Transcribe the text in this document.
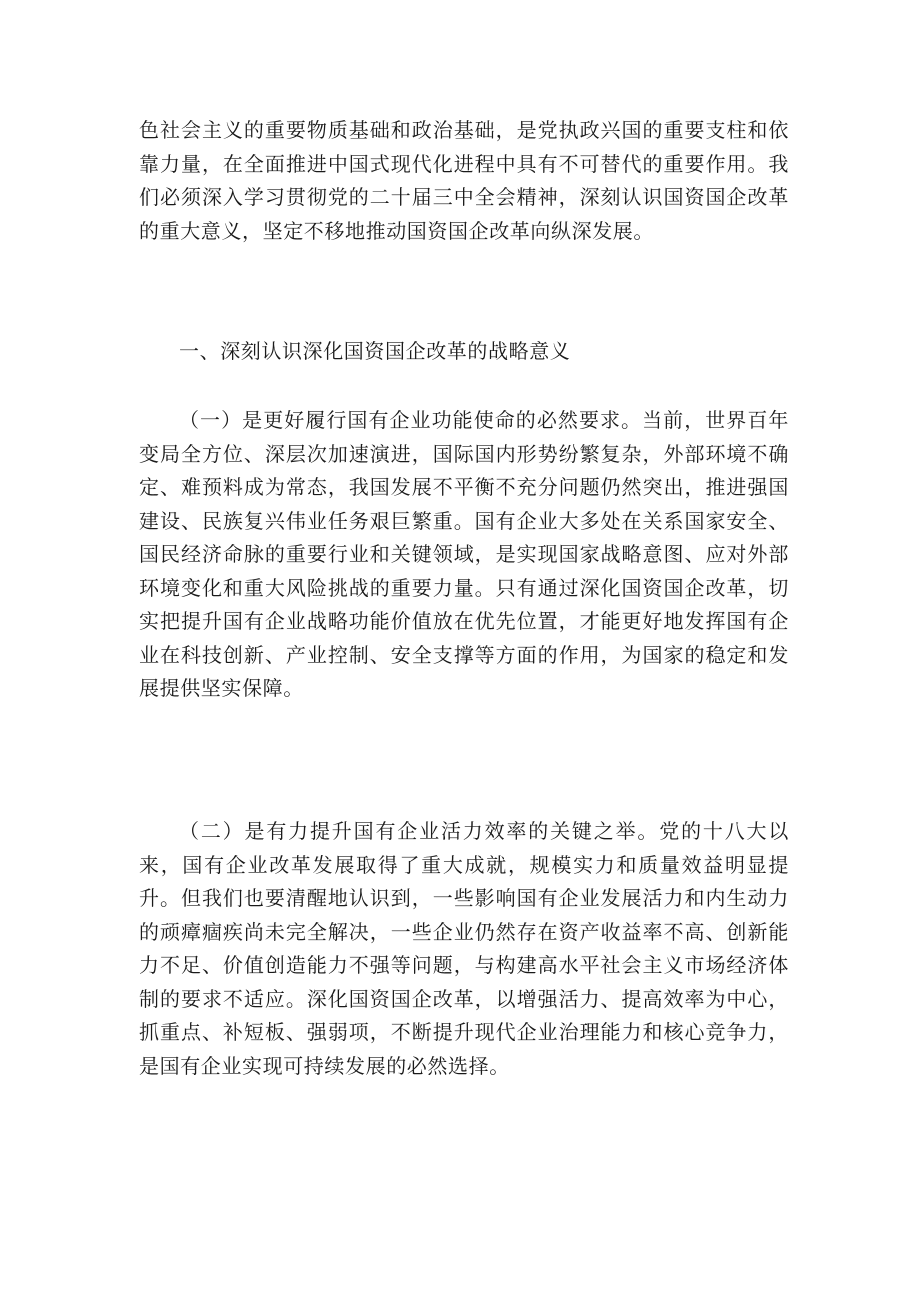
色社会主义的重要物质基础和政治基础，是党执政兴国的重要支柱和依靠力量，在全面推进中国式现代化进程中具有不可替代的重要作用。我们必须深入学习贯彻党的二十届三中全会精神，深刻认识国资国企改革的重大意义，坚定不移地推动国资国企改革向纵深发展。

一、深刻认识深化国资国企改革的战略意义

（一）是更好履行国有企业功能使命的必然要求。当前，世界百年变局全方位、深层次加速演进，国际国内形势纷繁复杂，外部环境不确定、难预料成为常态，我国发展不平衡不充分问题仍然突出，推进强国建设、民族复兴伟业任务艰巨繁重。国有企业大多处在关系国家安全、国民经济命脉的重要行业和关键领域，是实现国家战略意图、应对外部环境变化和重大风险挑战的重要力量。只有通过深化国资国企改革，切实把提升国有企业战略功能价值放在优先位置，才能更好地发挥国有企业在科技创新、产业控制、安全支撑等方面的作用，为国家的稳定和发展提供坚实保障。

（二）是有力提升国有企业活力效率的关键之举。党的十八大以来，国有企业改革发展取得了重大成就，规模实力和质量效益明显提升。但我们也要清醒地认识到，一些影响国有企业发展活力和内生动力的顽瘴痼疾尚未完全解决，一些企业仍然存在资产收益率不高、创新能力不足、价值创造能力不强等问题，与构建高水平社会主义市场经济体制的要求不适应。深化国资国企改革，以增强活力、提高效率为中心，抓重点、补短板、强弱项，不断提升现代企业治理能力和核心竞争力，是国有企业实现可持续发展的必然选择。
